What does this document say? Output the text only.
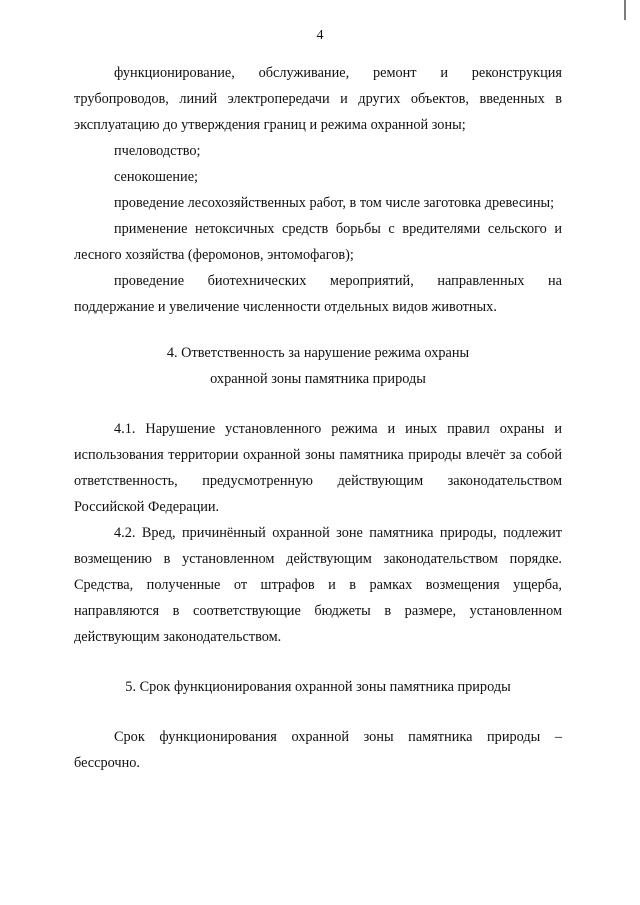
4

функционирование, обслуживание, ремонт и реконструкция трубопроводов, линий электропередачи и других объектов, введенных в эксплуатацию до утверждения границ и режима охранной зоны;

пчеловодство;

сенокошение;

проведение лесохозяйственных работ, в том числе заготовка древесины;

применение нетоксичных средств борьбы с вредителями сельского и лесного хозяйства (феромонов, энтомофагов);

проведение биотехнических мероприятий, направленных на поддержание и увеличение численности отдельных видов животных.

4. Ответственность за нарушение режима охраны

охранной зоны памятника природы

4.1. Нарушение установленного режима и иных правил охраны и использования территории охранной зоны памятника природы влечёт за собой ответственность, предусмотренную действующим законодательством Российской Федерации.

4.2. Вред, причинённый охранной зоне памятника природы, подлежит возмещению в установленном действующим законодательством порядке. Средства, полученные от штрафов и в рамках возмещения ущерба, направляются в соответствующие бюджеты в размере, установленном действующим законодательством.

5. Срок функционирования охранной зоны памятника природы

Срок функционирования охранной зоны памятника природы – бессрочно.
